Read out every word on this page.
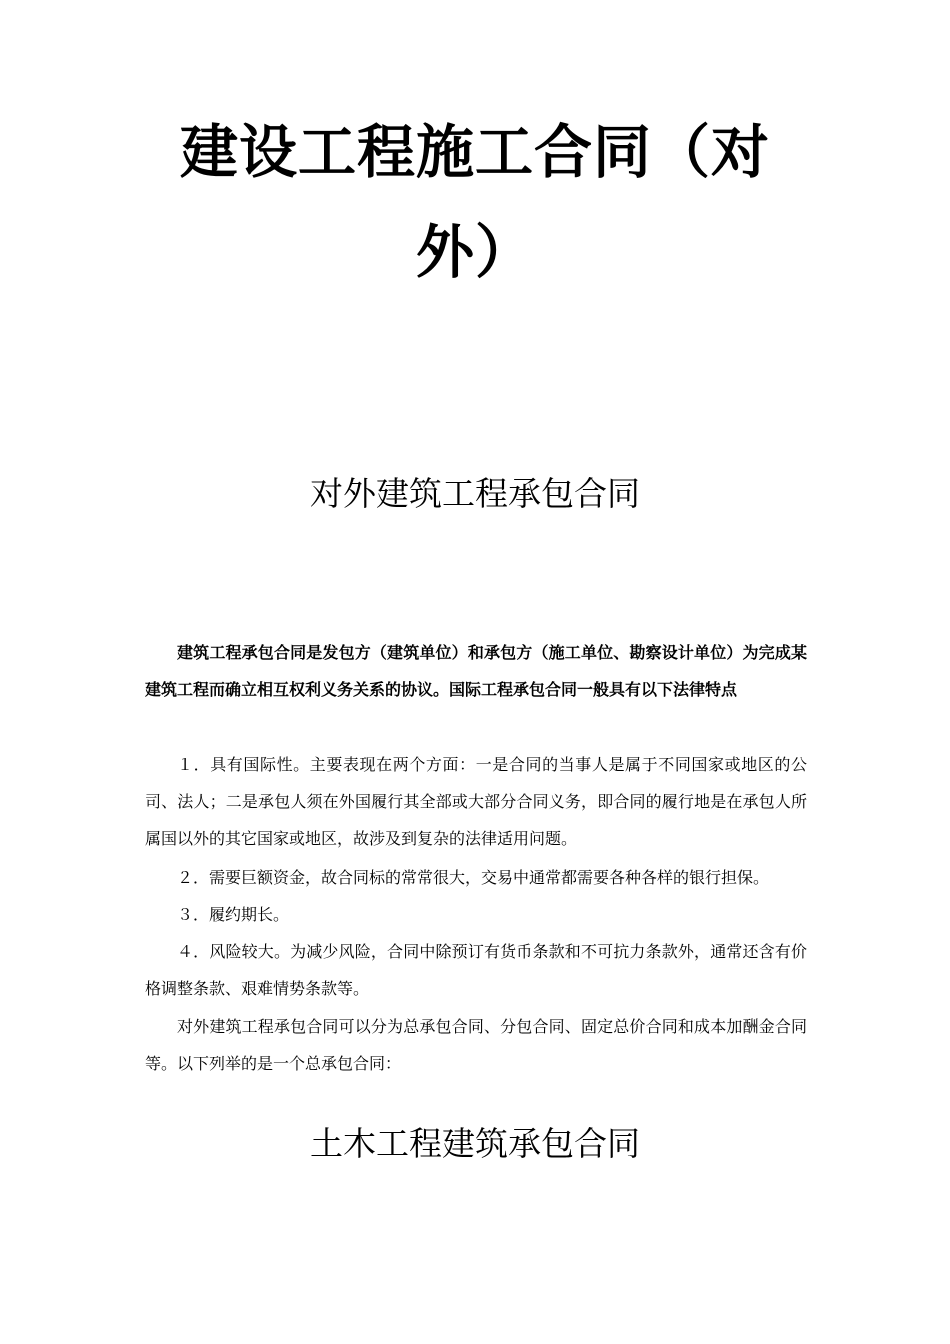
建设工程施工合同（对
外）
对外建筑工程承包合同

建筑工程承包合同是发包方（建筑单位）和承包方（施工单位、勘察设计单位）为完成某建筑工程而确立相互权利义务关系的协议。国际工程承包合同一般具有以下法律特点

１．具有国际性。主要表现在两个方面：一是合同的当事人是属于不同国家或地区的公司、法人；二是承包人须在外国履行其全部或大部分合同义务，即合同的履行地是在承包人所属国以外的其它国家或地区，故涉及到复杂的法律适用问题。

２．需要巨额资金，故合同标的常常很大，交易中通常都需要各种各样的银行担保。

３．履约期长。

４．风险较大。为减少风险，合同中除预订有货币条款和不可抗力条款外，通常还含有价格调整条款、艰难情势条款等。

对外建筑工程承包合同可以分为总承包合同、分包合同、固定总价合同和成本加酬金合同等。以下列举的是一个总承包合同：

土木工程建筑承包合同
